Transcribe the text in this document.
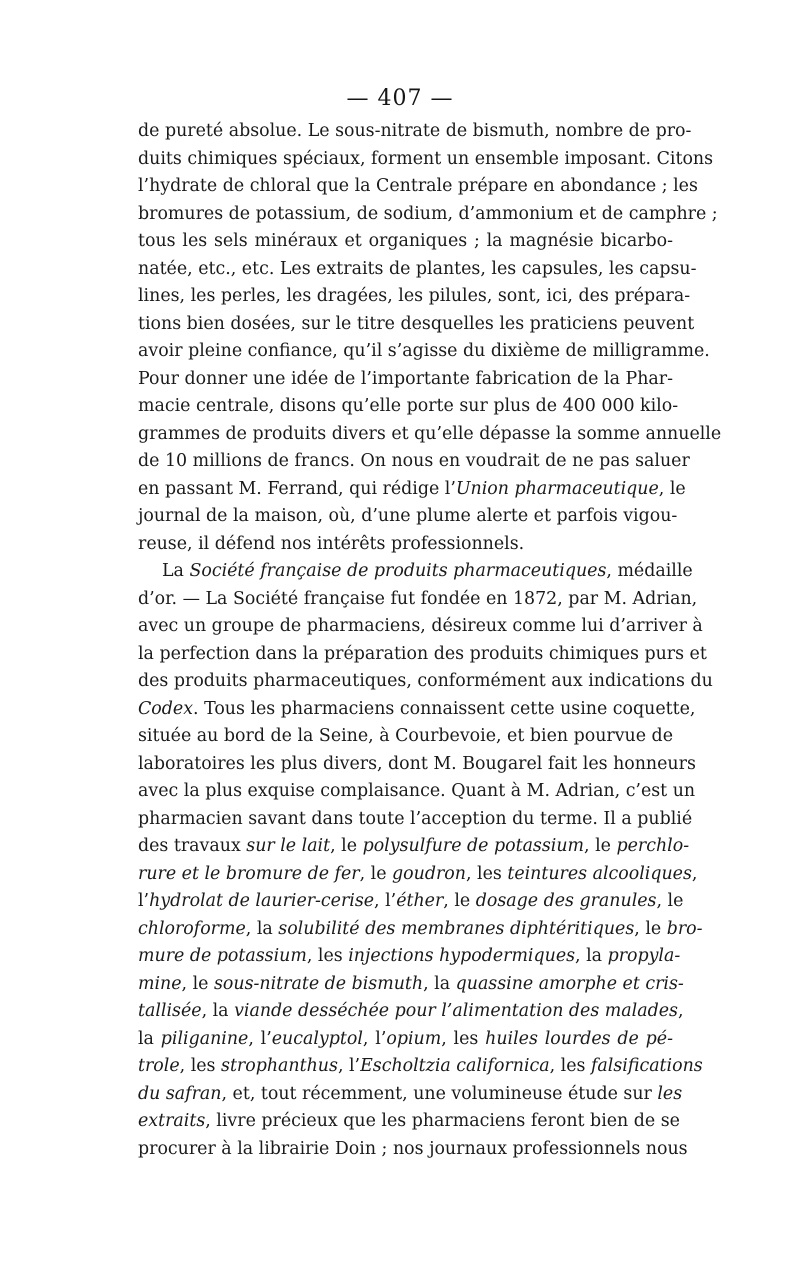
— 407 —
de pureté absolue. Le sous-nitrate de bismuth, nombre de pro-
duits chimiques spéciaux, forment un ensemble imposant. Citons
l’hydrate de chloral que la Centrale prépare en abondance ; les
bromures de potassium, de sodium, d’ammonium et de camphre ;
tous les sels minéraux et organiques ; la magnésie bicarbo-
natée, etc., etc. Les extraits de plantes, les capsules, les capsu-
lines, les perles, les dragées, les pilules, sont, ici, des prépara-
tions bien dosées, sur le titre desquelles les praticiens peuvent
avoir pleine confiance, qu’il s’agisse du dixième de milligramme.
Pour donner une idée de l’importante fabrication de la Phar-
macie centrale, disons qu’elle porte sur plus de 400 000 kilo-
grammes de produits divers et qu’elle dépasse la somme annuelle
de 10 millions de francs. On nous en voudrait de ne pas saluer
en passant M. Ferrand, qui rédige l’Union pharmaceutique, le
journal de la maison, où, d’une plume alerte et parfois vigou-
reuse, il défend nos intérêts professionnels.
La Société française de produits pharmaceutiques, médaille
d’or. — La Société française fut fondée en 1872, par M. Adrian,
avec un groupe de pharmaciens, désireux comme lui d’arriver à
la perfection dans la préparation des produits chimiques purs et
des produits pharmaceutiques, conformément aux indications du
Codex. Tous les pharmaciens connaissent cette usine coquette,
située au bord de la Seine, à Courbevoie, et bien pourvue de
laboratoires les plus divers, dont M. Bougarel fait les honneurs
avec la plus exquise complaisance. Quant à M. Adrian, c’est un
pharmacien savant dans toute l’acception du terme. Il a publié
des travaux sur le lait, le polysulfure de potassium, le perchlo-
rure et le bromure de fer, le goudron, les teintures alcooliques,
l’hydrolat de laurier-cerise, l’éther, le dosage des granules, le
chloroforme, la solubilité des membranes diphtéritiques, le bro-
mure de potassium, les injections hypodermiques, la propyla-
mine, le sous-nitrate de bismuth, la quassine amorphe et cris-
tallisée, la viande desséchée pour l’alimentation des malades,
la piliganine, l’eucalyptol, l’opium, les huiles lourdes de pé-
trole, les strophanthus, l’Escholtzia californica, les falsifications
du safran, et, tout récemment, une volumineuse étude sur les
extraits, livre précieux que les pharmaciens feront bien de se
procurer à la librairie Doin ; nos journaux professionnels nous
